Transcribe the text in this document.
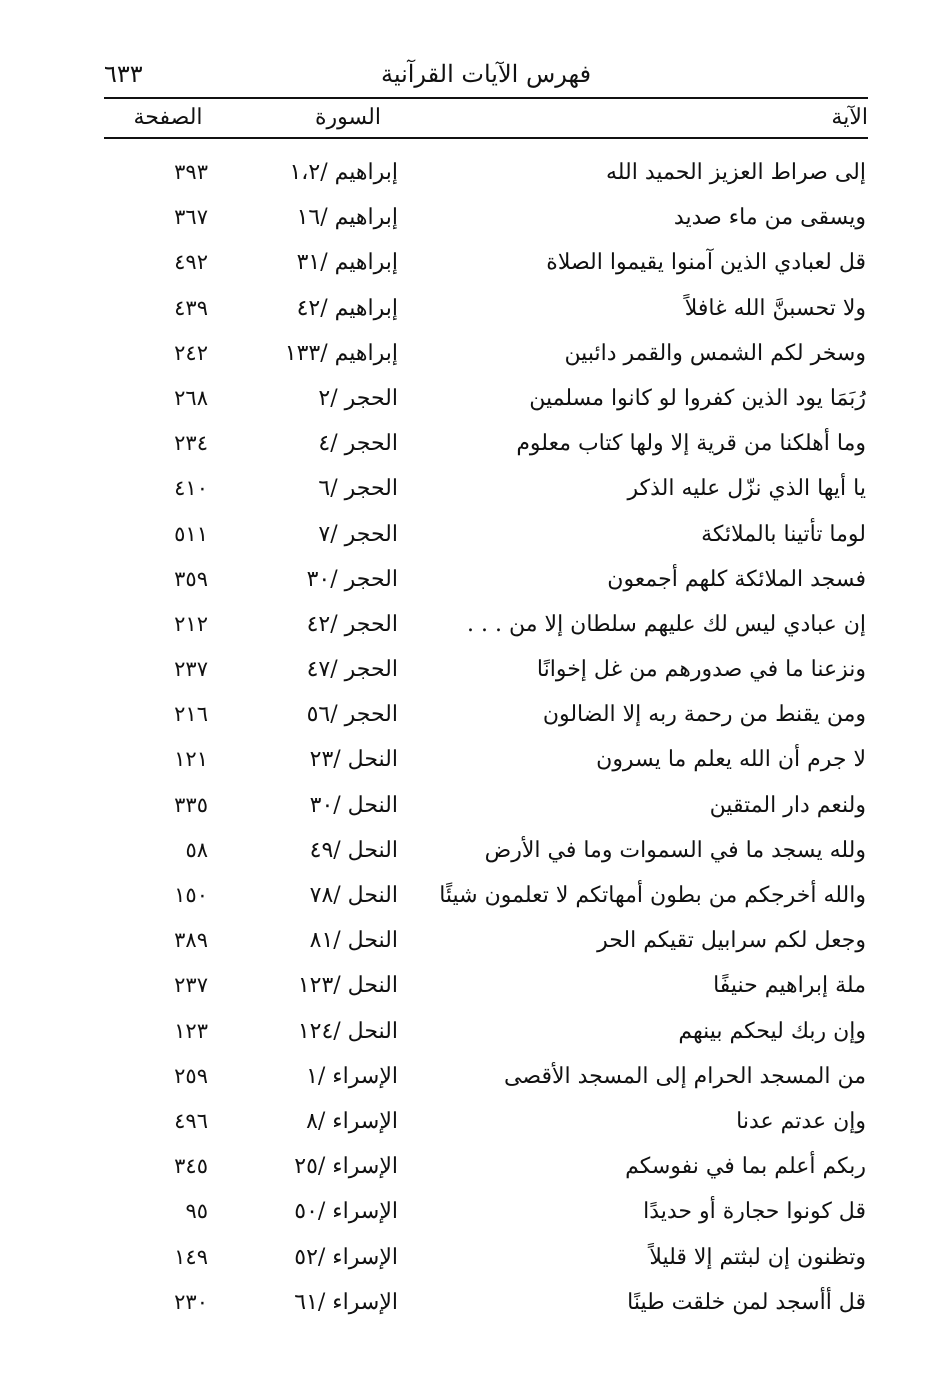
٦٣٣	فهرس الآيات القرآنية
الآية
السورة
الصفحة
إلى صراط العزيز الحميد الله
إبراهيم /١،٢
٣٩٣
ويسقى من ماء صديد
إبراهيم /١٦
٣٦٧
قل لعبادي الذين آمنوا يقيموا الصلاة
إبراهيم /٣١
٤٩٢
ولا تحسبنَّ الله غافلاً
إبراهيم /٤٢
٤٣٩
وسخر لكم الشمس والقمر دائبين
إبراهيم /١٣٣
٢٤٢
رُبَمَا يود الذين كفروا لو كانوا مسلمين
الحجر /٢
٢٦٨
وما أهلكنا من قرية إلا ولها كتاب معلوم
الحجر /٤
٢٣٤
يا أيها الذي نزّل عليه الذكر
الحجر /٦
٤١٠
لوما تأتينا بالملائكة
الحجر /٧
٥١١
فسجد الملائكة كلهم أجمعون
الحجر /٣٠
٣٥٩
إن عبادي ليس لك عليهم سلطان إلا من . . .
الحجر /٤٢
٢١٢
ونزعنا ما في صدورهم من غل إخوانًا
الحجر /٤٧
٢٣٧
ومن يقنط من رحمة ربه إلا الضالون
الحجر /٥٦
٢١٦
لا جرم أن الله يعلم ما يسرون
النحل /٢٣
١٢١
ولنعم دار المتقين
النحل /٣٠
٣٣٥
ولله يسجد ما في السموات وما في الأرض
النحل /٤٩
٥٨
والله أخرجكم من بطون أمهاتكم لا تعلمون شيئًا
النحل /٧٨
١٥٠
وجعل لكم سرابيل تقيكم الحر
النحل /٨١
٣٨٩
ملة إبراهيم حنيفًا
النحل /١٢٣
٢٣٧
وإن ربك ليحكم بينهم
النحل /١٢٤
١٢٣
من المسجد الحرام إلى المسجد الأقصى
الإسراء /١
٢٥٩
وإن عدتم عدنا
الإسراء /٨
٤٩٦
ربكم أعلم بما في نفوسكم
الإسراء /٢٥
٣٤٥
قل كونوا حجارة أو حديدًا
الإسراء /٥٠
٩٥
وتظنون إن لبثتم إلا قليلاً
الإسراء /٥٢
١٤٩
قل أأسجد لمن خلقت طينًا
الإسراء /٦١
٢٣٠
